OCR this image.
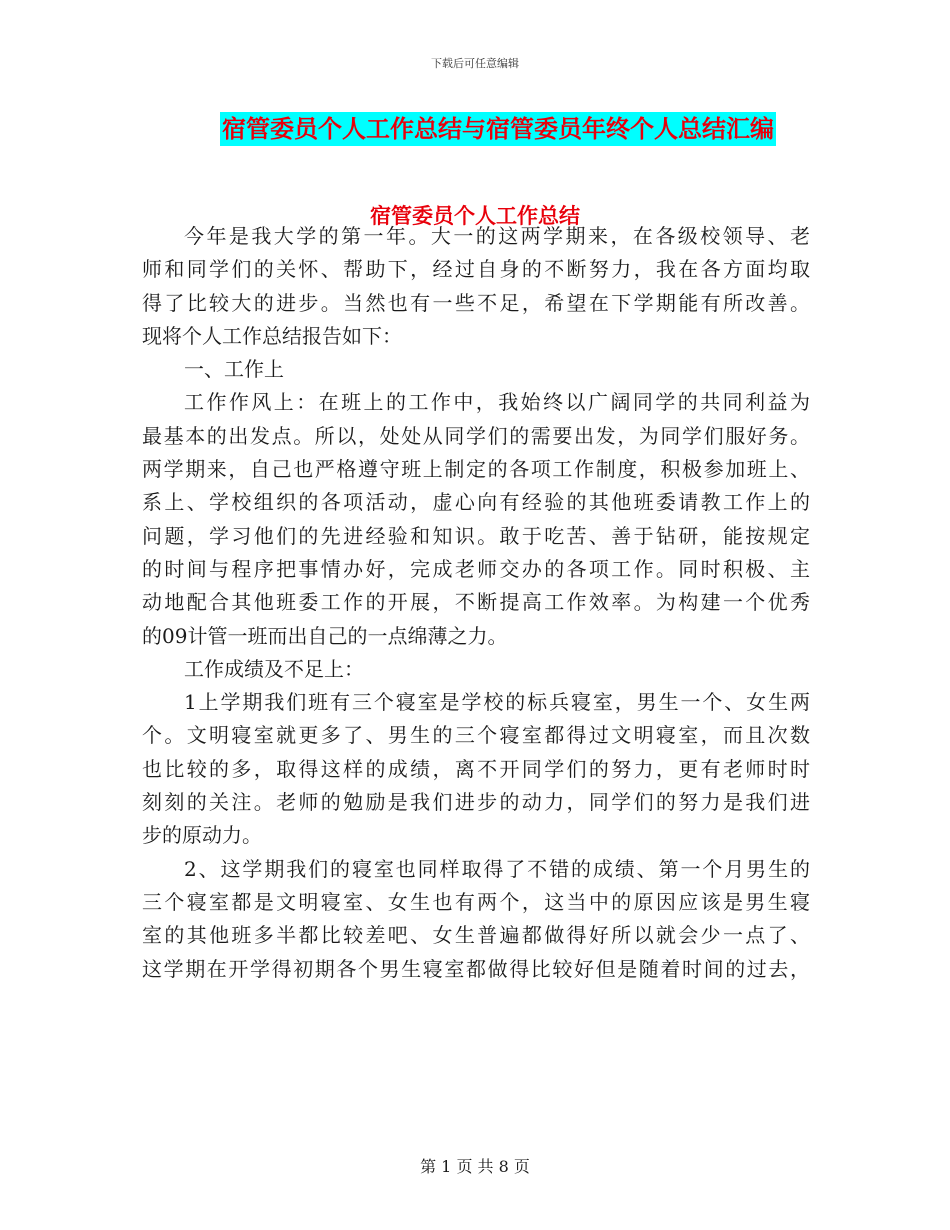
下载后可任意编辑
宿管委员个人工作总结与宿管委员年终个人总结汇编
宿管委员个人工作总结
今年是我大学的第一年。大一的这两学期来，在各级校领导、老
师和同学们的关怀、帮助下，经过自身的不断努力，我在各方面均取
得了比较大的进步。当然也有一些不足，希望在下学期能有所改善。
现将个人工作总结报告如下：
一、工作上
工作作风上：在班上的工作中，我始终以广阔同学的共同利益为
最基本的出发点。所以，处处从同学们的需要出发，为同学们服好务。
两学期来，自己也严格遵守班上制定的各项工作制度，积极参加班上、
系上、学校组织的各项活动，虚心向有经验的其他班委请教工作上的
问题，学习他们的先进经验和知识。敢于吃苦、善于钻研，能按规定
的时间与程序把事情办好，完成老师交办的各项工作。同时积极、主
动地配合其他班委工作的开展，不断提高工作效率。为构建一个优秀
的09计管一班而出自己的一点绵薄之力。
工作成绩及不足上：
1上学期我们班有三个寝室是学校的标兵寝室，男生一个、女生两
个。文明寝室就更多了、男生的三个寝室都得过文明寝室，而且次数
也比较的多，取得这样的成绩，离不开同学们的努力，更有老师时时
刻刻的关注。老师的勉励是我们进步的动力，同学们的努力是我们进
步的原动力。
2、这学期我们的寝室也同样取得了不错的成绩、第一个月男生的
三个寝室都是文明寝室、女生也有两个，这当中的原因应该是男生寝
室的其他班多半都比较差吧、女生普遍都做得好所以就会少一点了、
这学期在开学得初期各个男生寝室都做得比较好但是随着时间的过去，
第 1 页 共 8 页
